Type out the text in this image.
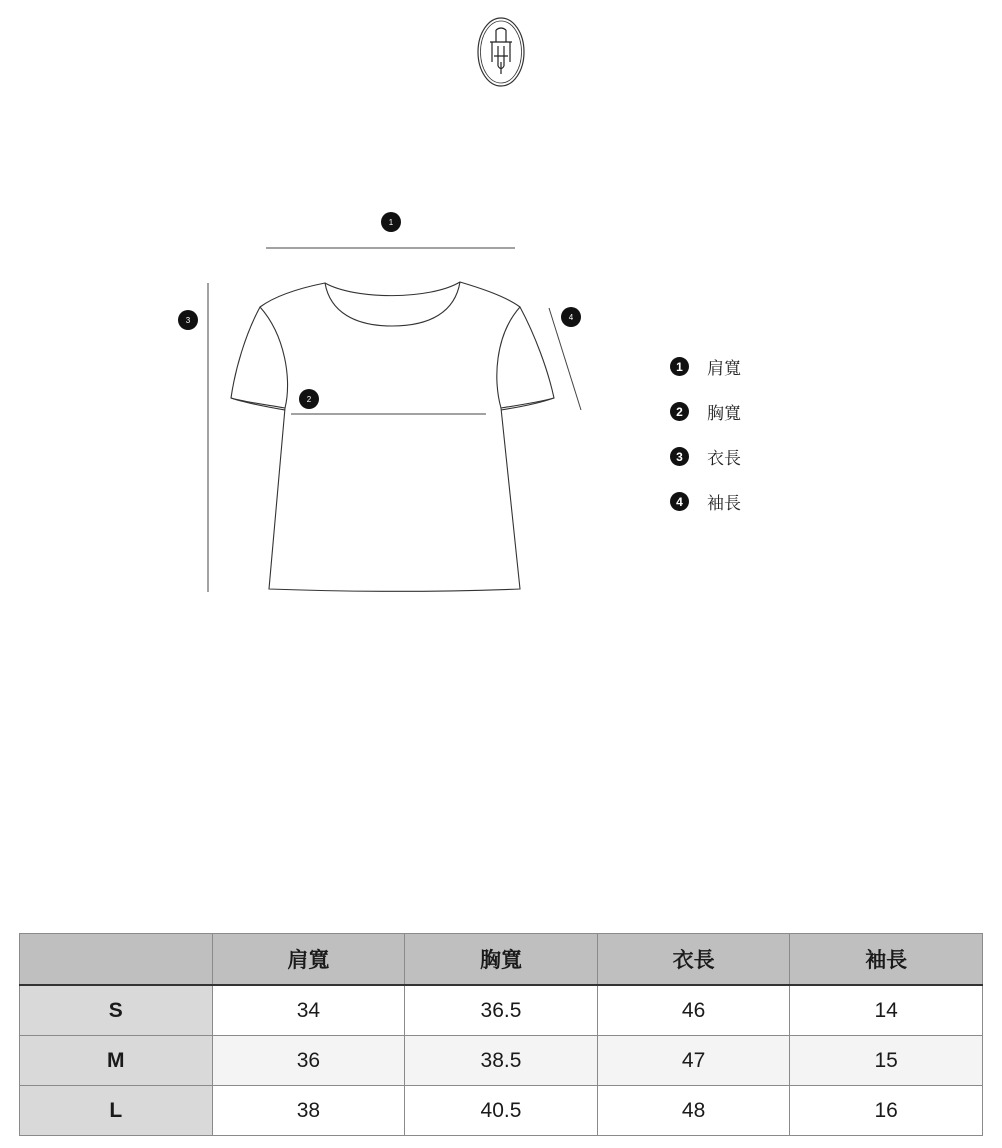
1
2
3	4
1	肩寬
2	胸寬
3	衣長
4	袖長
	肩寬	胸寬	衣長	袖長
S	34	36.5	46	14
M	36	38.5	47	15
L	38	40.5	48	16
